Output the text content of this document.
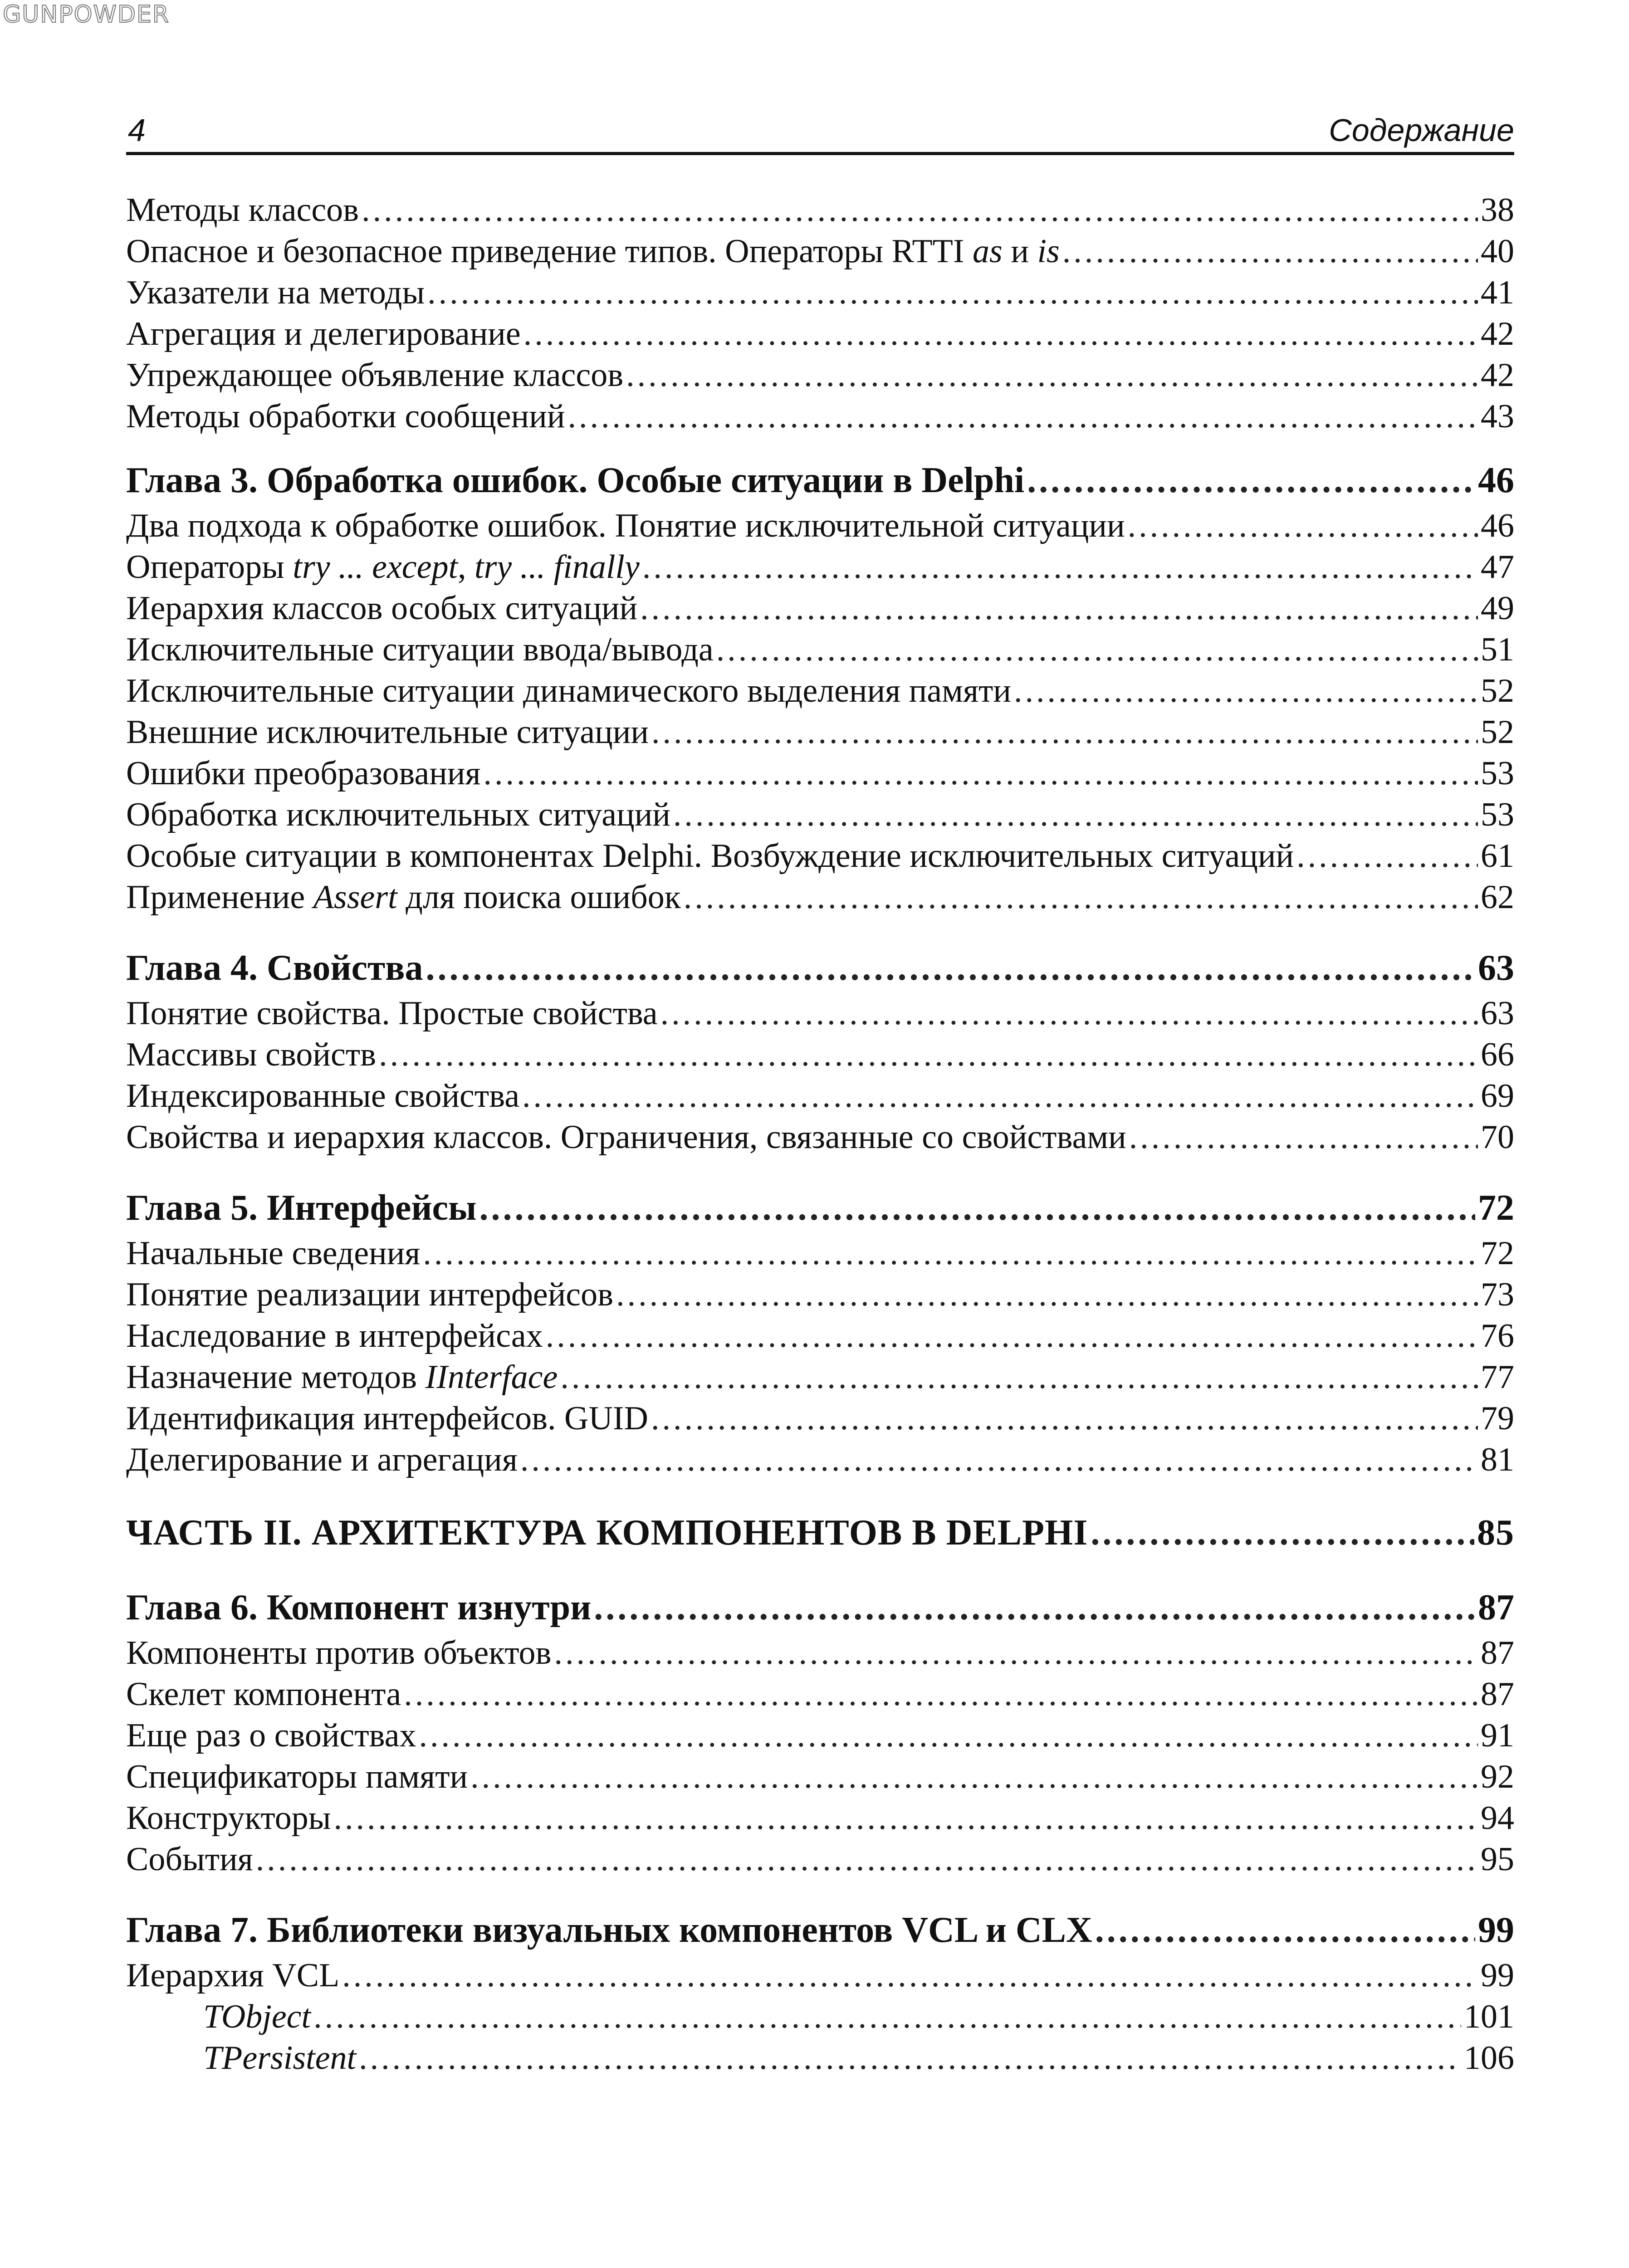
GUNPOWDER
4	Содержание
Методы классов .....	38
Опасное и безопасное приведение типов. Операторы RTTI as и is .....	40
Указатели на методы .....	41
Агрегация и делегирование .....	42
Упреждающее объявление классов .....	42
Методы обработки сообщений .....	43
Глава 3. Обработка ошибок. Особые ситуации в Delphi .....	46
Два подхода к обработке ошибок. Понятие исключительной ситуации .....	46
Операторы try ... except, try ... finally .....	47
Иерархия классов особых ситуаций .....	49
Исключительные ситуации ввода/вывода .....	51
Исключительные ситуации динамического выделения памяти .....	52
Внешние исключительные ситуации .....	52
Ошибки преобразования .....	53
Обработка исключительных ситуаций .....	53
Особые ситуации в компонентах Delphi. Возбуждение исключительных ситуаций .....	61
Применение Assert для поиска ошибок .....	62
Глава 4. Свойства .....	63
Понятие свойства. Простые свойства .....	63
Массивы свойств .....	66
Индексированные свойства .....	69
Свойства и иерархия классов. Ограничения, связанные со свойствами .....	70
Глава 5. Интерфейсы .....	72
Начальные сведения .....	72
Понятие реализации интерфейсов .....	73
Наследование в интерфейсах .....	76
Назначение методов IInterface .....	77
Идентификация интерфейсов. GUID .....	79
Делегирование и агрегация .....	81
ЧАСТЬ II. АРХИТЕКТУРА КОМПОНЕНТОВ В DELPHI .....	85
Глава 6. Компонент изнутри .....	87
Компоненты против объектов .....	87
Скелет компонента .....	87
Еще раз о свойствах .....	91
Спецификаторы памяти .....	92
Конструкторы .....	94
События .....	95
Глава 7. Библиотеки визуальных компонентов VCL и CLX .....	99
Иерархия VCL .....	99
TObject .....	101
TPersistent .....	106
